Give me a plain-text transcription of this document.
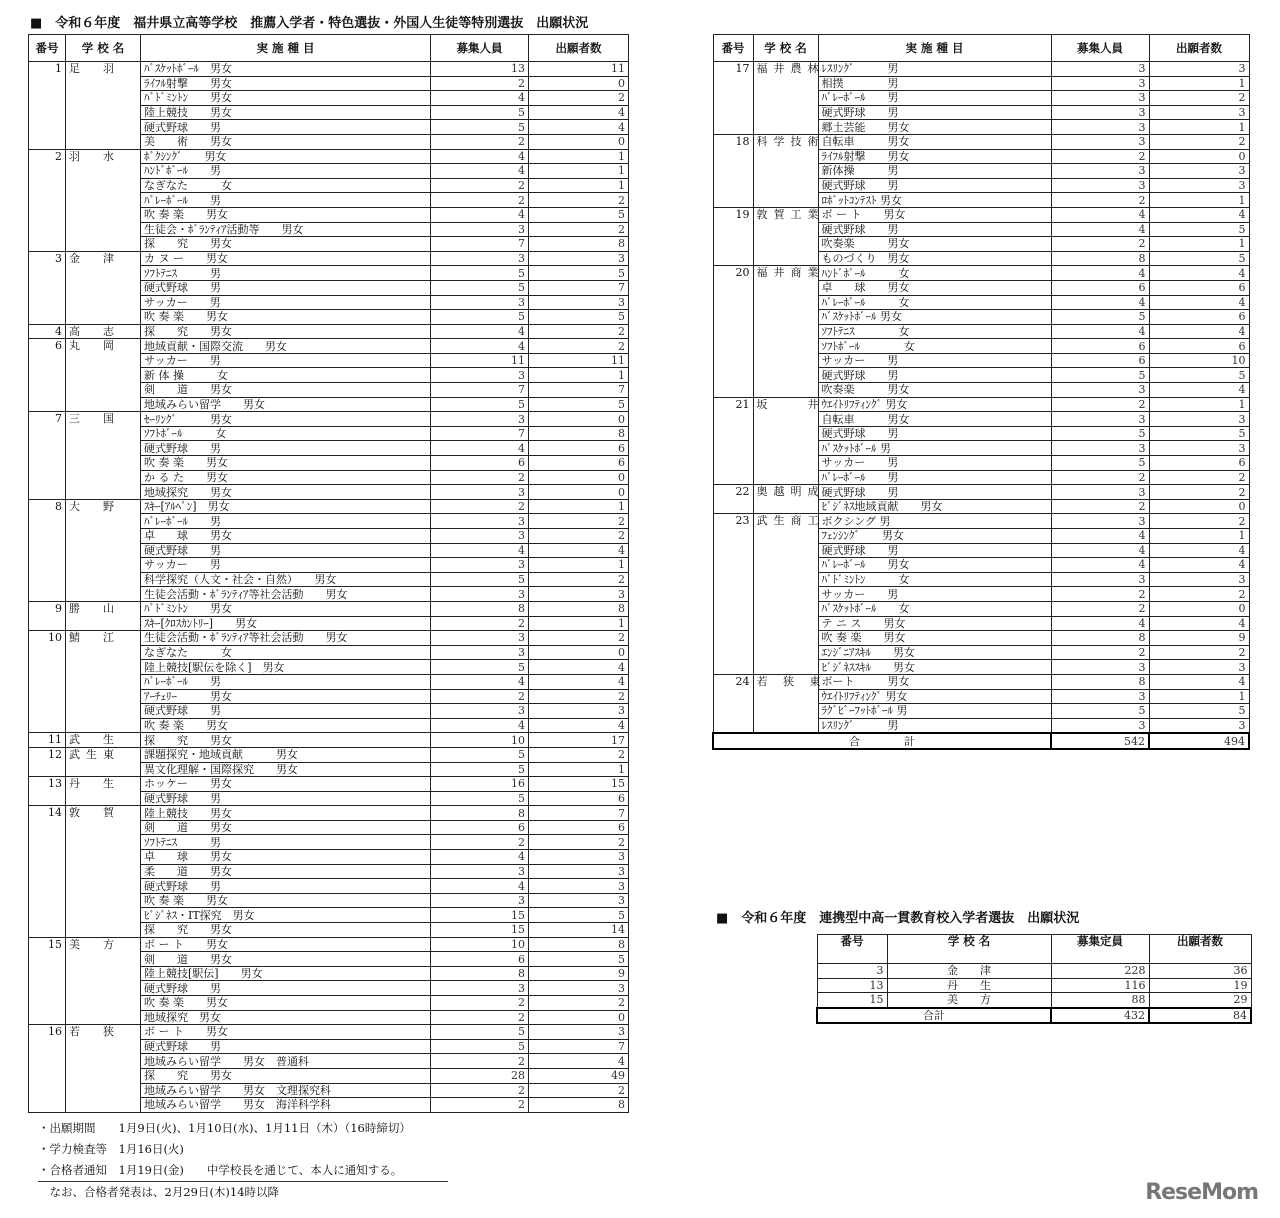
■　令和６年度　福井県立高等学校　推薦入学者・特色選抜・外国人生徒等特別選抜　出願状況
番号	学 校 名	実 施 種 目	募集人員	出願者数
1	足　羽	ﾊﾞｽｹｯﾄﾎﾞｰﾙ　男女	13	11
		ﾗｲﾌﾙ射撃　　男女	2	0
		ﾊﾞﾄﾞﾐﾝﾄﾝ　　男女	4	2
		陸上競技　　男女	5	4
		硬式野球　　男	5	4
		美　　術　　男女	2	0
2	羽　水	ﾎﾞｸｼﾝｸﾞ　　男女	4	1
		ﾊﾝﾄﾞﾎﾞｰﾙ　　男	4	1
		なぎなた　　　女	2	1
		ﾊﾞﾚｰﾎﾞｰﾙ　　男	2	2
		吹 奏 楽　　男女	4	5
		生徒会・ﾎﾞﾗﾝﾃｨｱ活動等　　男女	3	2
		探　　究　　男女	7	8
3	金　津	カ ヌ ー　　男女	3	3
		ｿﾌﾄﾃﾆｽ　　　男	5	5
		硬式野球　　男	5	7
		サッカー　　男	3	3
		吹 奏 楽　　男女	5	5
4	高　志	探　　究　　男女	4	2
6	丸　岡	地域貢献・国際交流　　男女	4	2
		サッカー　　男	11	11
		新 体 操　　　女	3	1
		剣　　道　　男女	7	7
		地域みらい留学　　男女	5	5
7	三　国	ｾｰﾘﾝｸﾞ　　　男女	3	0
		ｿﾌﾄﾎﾞｰﾙ　　　女	7	8
		硬式野球　　男	4	6
		吹 奏 楽　　男女	6	6
		か る た　　男女	2	0
		地域探究　　男女	3	0
8	大　野	ｽｷｰ[ｱﾙﾍﾟﾝ]　男女	2	1
		ﾊﾞﾚｰﾎﾞｰﾙ　　男	3	2
		卓　　球　　男女	3	2
		硬式野球　　男	4	4
		サッカー　　男	3	1
		科学探究（人文・社会・自然）　　男女	5	2
		生徒会活動・ﾎﾞﾗﾝﾃｨｱ等社会活動　　男女	3	3
9	勝　山	ﾊﾞﾄﾞﾐﾝﾄﾝ　　男女	8	8
		ｽｷｰ[ｸﾛｽｶﾝﾄﾘｰ]　　男女	2	1
10	鯖　江	生徒会活動・ﾎﾞﾗﾝﾃｨｱ等社会活動　　男女	3	2
		なぎなた　　　女	3	0
		陸上競技[駅伝を除く]　男女	5	4
		ﾊﾞﾚｰﾎﾞｰﾙ　　男	4	4
		ｱｰﾁｪﾘｰ　　　男女	2	2
		硬式野球　　男	3	3
		吹 奏 楽　　男女	4	4
11	武　生	探　　究　　男女	10	17
12	武生東	課題探究・地域貢献　　　男女	5	2
		異文化理解・国際探究　　男女	5	1
13	丹　生	ホッケー　　男女	16	15
		硬式野球　　男	5	6
14	敦　賀	陸上競技　　男女	8	7
		剣　　道　　男女	6	6
		ｿﾌﾄﾃﾆｽ　　　男	2	2
		卓　　球　　男女	4	3
		柔　　道　　男女	3	3
		硬式野球　　男	4	3
		吹 奏 楽　　男女	3	3
		ﾋﾞｼﾞﾈｽ・IT探究　男女	15	5
		探　　究　　男女	15	14
15	美　方	ボ ー ト　　男女	10	8
		剣　　道　　男女	6	5
		陸上競技[駅伝]　　男女	8	9
		硬式野球　　男	3	3
		吹 奏 楽　　男女	2	2
		地域探究　男女	2	0
16	若　狭	ボ ー ト　　男女	5	3
		硬式野球　　男	5	7
		地域みらい留学　　男女　普通科	2	4
		探　　究　　男女	28	49
		地域みらい留学　　男女　文理探究科	2	2
		地域みらい留学　　男女　海洋科学科	2	8
番号	学 校 名	実 施 種 目	募集人員	出願者数
17	福井農林	ﾚｽﾘﾝｸﾞ　　　男	3	3
		相撲　　　　男	3	1
		ﾊﾞﾚｰﾎﾞｰﾙ　　男	3	2
		硬式野球　　男	3	3
		郷土芸能　　男女	3	1
18	科学技術	自転車　　　男女	3	2
		ﾗｲﾌﾙ射撃　　男女	2	0
		新体操　　　男	3	3
		硬式野球　　男	3	3
		ﾛﾎﾞｯﾄｺﾝﾃｽﾄ 男女	2	1
19	敦賀工業	ボ ー ト　　男女	4	4
		硬式野球　　男	4	5
		吹奏楽　　　男女	2	1
		ものづくり　男女	8	5
20	福井商業	ﾊﾝﾄﾞﾎﾞｰﾙ　　　女	4	4
		卓　　球　　男女	6	6
		ﾊﾞﾚｰﾎﾞｰﾙ　　　女	4	4
		ﾊﾞｽｹｯﾄﾎﾞｰﾙ 男女	5	6
		ｿﾌﾄﾃﾆｽ　　　　女	4	4
		ｿﾌﾄﾎﾞｰﾙ　　　　女	6	6
		サッカー　　男	6	10
		硬式野球　　男	5	5
		吹奏楽　　　男女	3	4
21	坂　　井	ｳｴｲﾄﾘﾌﾃｨﾝｸﾞ 男女	2	1
		自転車　　　男女	3	3
		硬式野球　　男	5	5
		ﾊﾞｽｹｯﾄﾎﾞｰﾙ 男	3	3
		サッカー　　男	5	6
		ﾊﾞﾚｰﾎﾞｰﾙ　　男	2	2
22	奥越明成	硬式野球　　男	3	2
		ﾋﾞｼﾞﾈｽ地域貢献　　男女	2	0
23	武生商工	ボクシング 男	3	2
		ﾌｪﾝｼﾝｸﾞ　　男女	4	1
		硬式野球　　男	4	4
		ﾊﾞﾚｰﾎﾞｰﾙ　　男女	4	4
		ﾊﾞﾄﾞﾐﾝﾄﾝ　　　女	3	3
		サッカー　　男	2	2
		ﾊﾞｽｹｯﾄﾎﾞｰﾙ　　女	2	0
		テ ニ ス　　男女	4	4
		吹 奏 楽　　男女	8	9
		ｴﾝｼﾞﾆｱｽｷﾙ　　男女	2	2
		ﾋﾞｼﾞﾈｽｽｷﾙ　　男女	3	3
24	若 狭 東	ボート　　　男女	8	4
		ｳｴｲﾄﾘﾌﾃｨﾝｸﾞ 男女	3	1
		ﾗｸﾞﾋﾞｰﾌｯﾄﾎﾞｰﾙ 男	5	5
		ﾚｽﾘﾝｸﾞ　　　男	3	3
合　　　　計			542	494
・出願期間　　1月9日(火)、1月10日(水)、1月11日（木）（16時締切）
・学力検査等　1月16日(火)
・合格者通知　1月19日(金)　　中学校長を通じて、本人に通知する。
　なお、合格者発表は、2月29日(木)14時以降
■　令和６年度　連携型中高一貫教育校入学者選抜　出願状況
番号	学 校 名	募集定員	出願者数
3	金　　津	228	36
13	丹　　生	116	19
15	美　　方	88	29
合計		432	84
ReseMom
